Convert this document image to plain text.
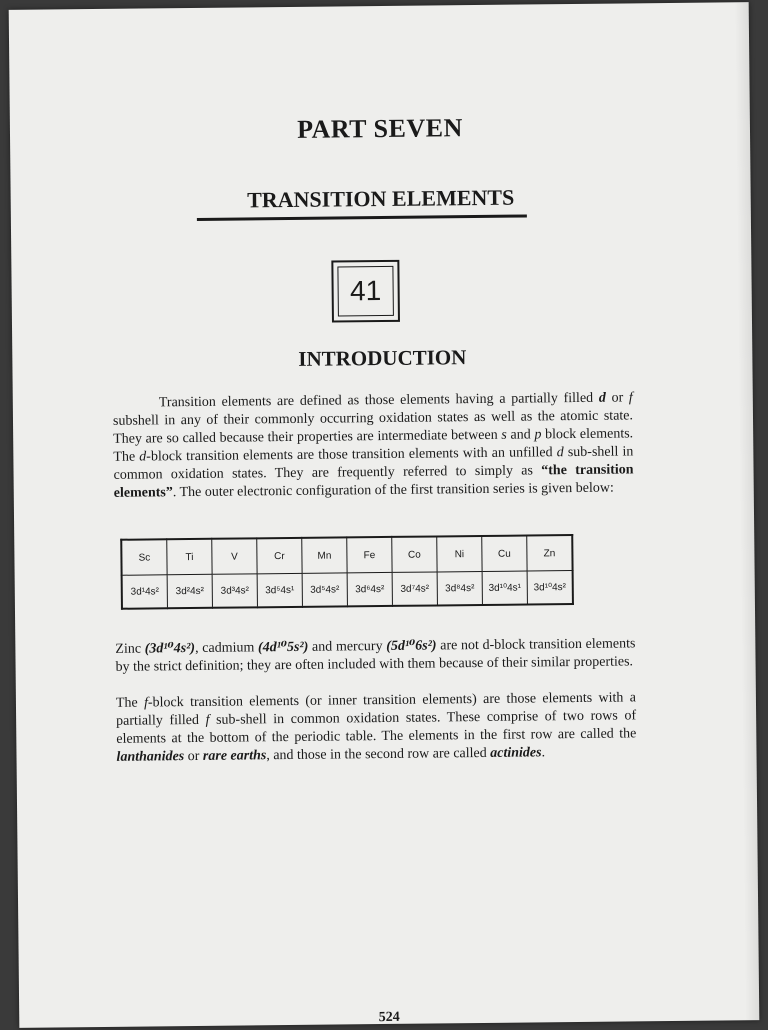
PART SEVEN
TRANSITION ELEMENTS
41
INTRODUCTION
Transition elements are defined as those elements having a partially filled d or f subshell in any of their commonly occurring oxidation states as well as the atomic state. They are so called because their properties are intermediate between s and p block elements. The d-block transition elements are those transition elements with an unfilled d sub-shell in common oxidation states. They are frequently referred to simply as “the transition elements”. The outer electronic configuration of the first transition series is given below:
Sc	Ti	V	Cr	Mn	Fe	Co	Ni	Cu	Zn
3d¹4s²	3d²4s²	3d³4s²	3d⁵4s¹	3d⁵4s²	3d⁶4s²	3d⁷4s²	3d⁸4s²	3d¹⁰4s¹	3d¹⁰4s²
Zinc (3d¹⁰4s²), cadmium (4d¹⁰5s²) and mercury (5d¹⁰6s²) are not d-block transition elements by the strict definition; they are often included with them because of their similar properties.
The f-block transition elements (or inner transition elements) are those elements with a partially filled f sub-shell in common oxidation states. These comprise of two rows of elements at the bottom of the periodic table. The elements in the first row are called the lanthanides or rare earths, and those in the second row are called actinides.
524
